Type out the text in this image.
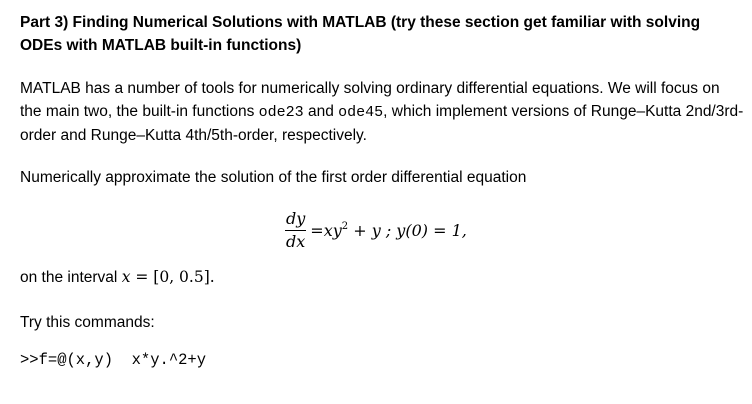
Part 3) Finding Numerical Solutions with MATLAB (try these section get familiar with solving ODEs with MATLAB built-in functions)
MATLAB has a number of tools for numerically solving ordinary differential equations. We will focus on the main two, the built-in functions ode23 and ode45, which implement versions of Runge–Kutta 2nd/3rd-order and Runge–Kutta 4th/5th-order, respectively.
Numerically approximate the solution of the first order differential equation
$\frac{dy}{dx} = xy^2 + y$ ; y(0) = 1,
on the interval x = [0, 0.5].
Try this commands:
>>f=@(x,y)  x*y.^2+y
